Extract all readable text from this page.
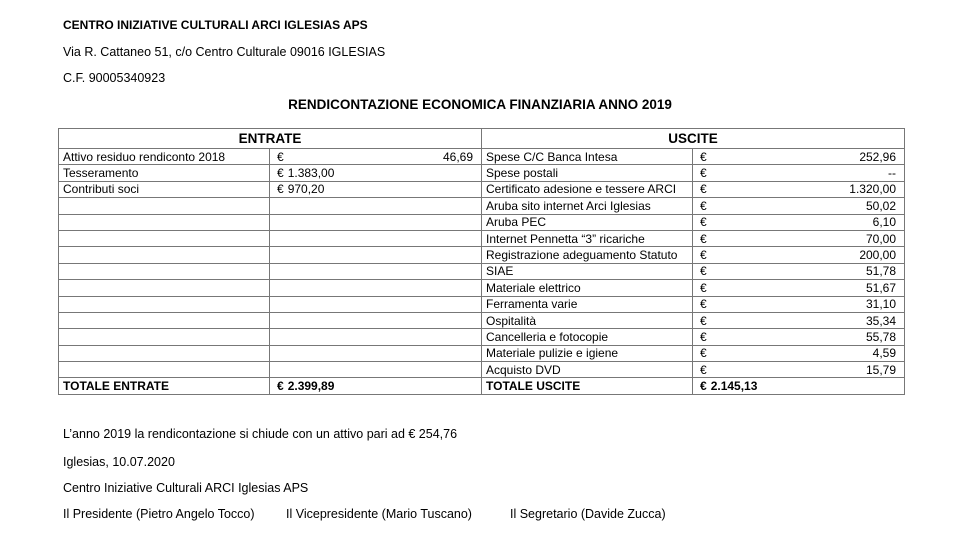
CENTRO INIZIATIVE CULTURALI ARCI IGLESIAS APS
Via R. Cattaneo 51, c/o Centro Culturale 09016 IGLESIAS
C.F. 90005340923
RENDICONTAZIONE ECONOMICA FINANZIARIA ANNO 2019
ENTRATE		USCITE	
Attivo residuo rendiconto 2018	€ 46,69	Spese C/C Banca Intesa	€ 252,96

Tesseramento	€ 1.383,00	Spese postali	€ --

Contributi soci	€ 970,20	Certificato adesione e tessere ARCI	€ 1.320,00

		Aruba sito internet Arci Iglesias	€ 50,02

		Aruba PEC	€ 6,10

		Internet Pennetta “3” ricariche	€ 70,00

		Registrazione adeguamento Statuto	€ 200,00

		SIAE	€ 51,78

		Materiale elettrico	€ 51,67

		Ferramenta varie	€ 31,10

		Ospitalità	€ 35,34

		Cancelleria e fotocopie	€ 55,78

		Materiale pulizie e igiene	€ 4,59

		Acquisto DVD	€ 15,79

TOTALE ENTRATE	€ 2.399,89	TOTALE USCITE	€ 2.145,13
L’anno 2019 la rendicontazione si chiude con un attivo pari ad € 254,76
Iglesias, 10.07.2020
Centro Iniziative Culturali ARCI Iglesias APS
Il Presidente (Pietro Angelo Tocco)	Il Vicepresidente (Mario Tuscano)	Il Segretario (Davide Zucca)
